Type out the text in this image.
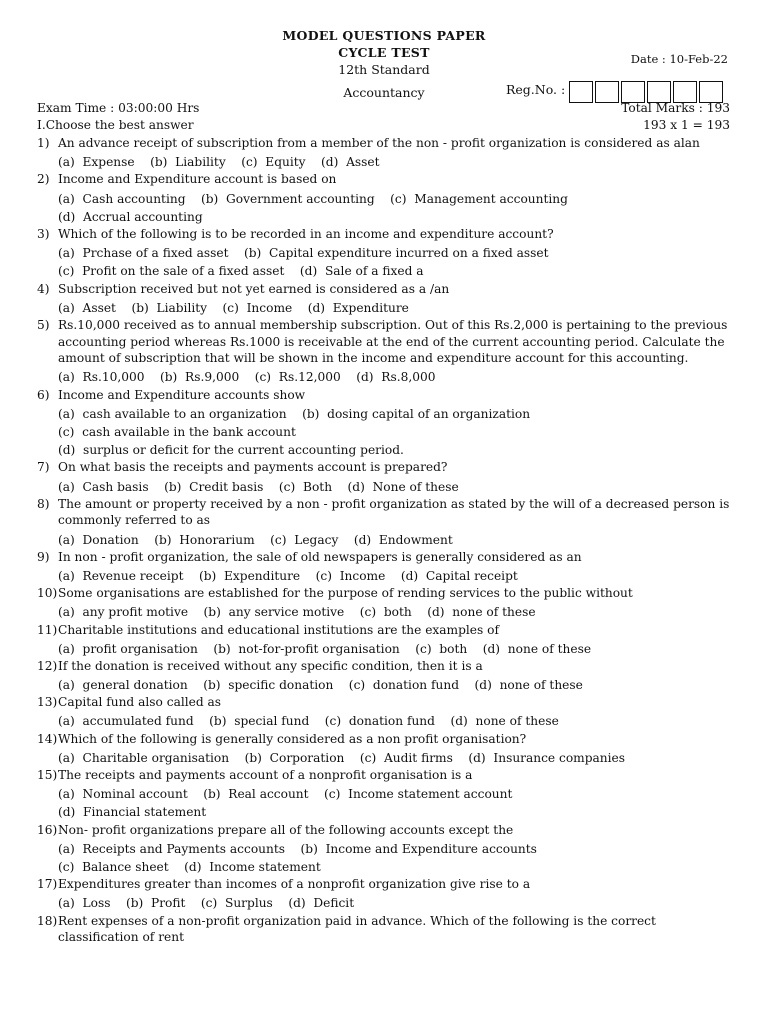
MODEL QUESTIONS PAPER
CYCLE TEST
12th Standard
Accountancy
Date : 10-Feb-22
Reg.No. :
Exam Time : 03:00:00 Hrs	Total Marks : 193
I.Choose the best answer	193 x 1 = 193
1) An advance receipt of subscription from a member of the non - profit organization is considered as alan
(a)  Expense    (b)  Liability    (c)  Equity    (d)  Asset
2) Income and Expenditure account is based on
(a)  Cash accounting    (b)  Government accounting    (c)  Management accounting
(d)  Accrual accounting
3) Which of the following is to be recorded in an income and expenditure account?
(a)  Prchase of a fixed asset    (b)  Capital expenditure incurred on a fixed asset
(c)  Profit on the sale of a fixed asset    (d)  Sale of a fixed a
4) Subscription received but not yet earned is considered as a /an
(a)  Asset    (b)  Liability    (c)  Income    (d)  Expenditure
5) Rs.10,000 received as to annual membership subscription. Out of this Rs.2,000 is pertaining to the previous accounting period whereas Rs.1000 is receivable at the end of the current accounting period. Calculate the amount of subscription that will be shown in the income and expenditure account for this accounting.
(a)  Rs.10,000    (b)  Rs.9,000    (c)  Rs.12,000    (d)  Rs.8,000
6) Income and Expenditure accounts show
(a)  cash available to an organization    (b)  dosing capital of an organization
(c)  cash available in the bank account
(d)  surplus or deficit for the current accounting period.
7) On what basis the receipts and payments account is prepared?
(a)  Cash basis    (b)  Credit basis    (c)  Both    (d)  None of these
8) The amount or property received by a non - profit organization as stated by the will of a decreased person is commonly referred to as
(a)  Donation    (b)  Honorarium    (c)  Legacy    (d)  Endowment
9) In non - profit organization, the sale of old newspapers is generally considered as an
(a)  Revenue receipt    (b)  Expenditure    (c)  Income    (d)  Capital receipt
10) Some organisations are established for the purpose of rending services to the public without
(a)  any profit motive    (b)  any service motive    (c)  both    (d)  none of these
11) Charitable institutions and educational institutions are the examples of
(a)  profit organisation    (b)  not-for-profit organisation    (c)  both    (d)  none of these
12) If the donation is received without any specific condition, then it is a
(a)  general donation    (b)  specific donation    (c)  donation fund    (d)  none of these
13) Capital fund also called as
(a)  accumulated fund    (b)  special fund    (c)  donation fund    (d)  none of these
14) Which of the following is generally considered as a non profit organisation?
(a)  Charitable organisation    (b)  Corporation    (c)  Audit firms    (d)  Insurance companies
15) The receipts and payments account of a nonprofit organisation is a
(a)  Nominal account    (b)  Real account    (c)  Income statement account
(d)  Financial statement
16) Non- profit organizations prepare all of the following accounts except the
(a)  Receipts and Payments accounts    (b)  Income and Expenditure accounts
(c)  Balance sheet    (d)  Income statement
17) Expenditures greater than incomes of a nonprofit organization give rise to a
(a)  Loss    (b)  Profit    (c)  Surplus    (d)  Deficit
18) Rent expenses of a non-profit organization paid in advance. Which of the following is the correct classification of rent
